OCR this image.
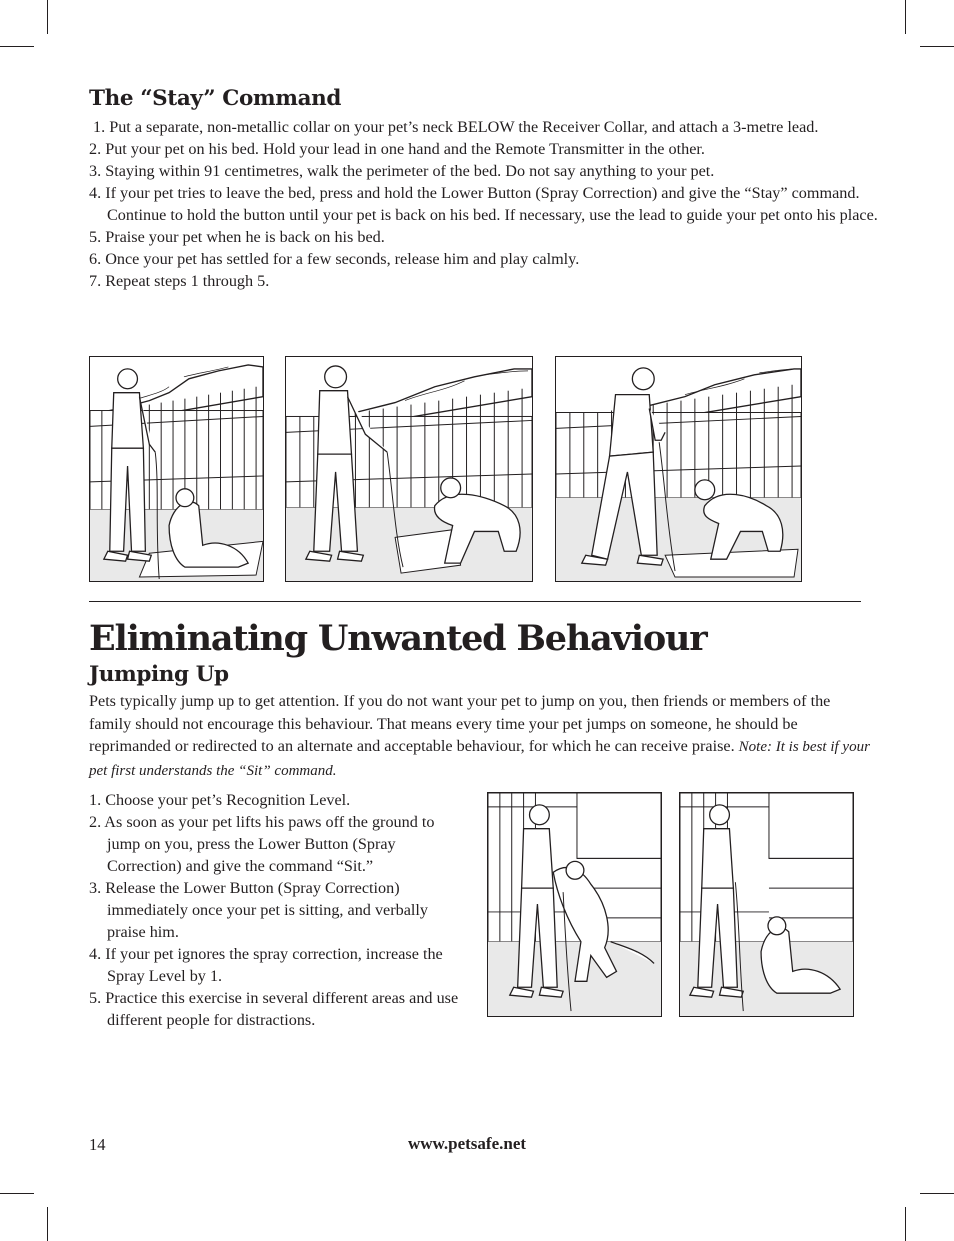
The “Stay” Command
1. Put a separate, non-metallic collar on your pet’s neck BELOW the Receiver Collar, and attach a 3-metre lead.
2. Put your pet on his bed. Hold your lead in one hand and the Remote Transmitter in the other.
3. Staying within 91 centimetres, walk the perimeter of the bed. Do not say anything to your pet.
4. If your pet tries to leave the bed, press and hold the Lower Button (Spray Correction) and give the “Stay” command. Continue to hold the button until your pet is back on his bed. If necessary, use the lead to guide your pet onto his place.
5. Praise your pet when he is back on his bed.
6. Once your pet has settled for a few seconds, release him and play calmly.
7. Repeat steps 1 through 5.
Eliminating Unwanted Behaviour
Jumping Up

Pets typically jump up to get attention. If you do not want your pet to jump on you, then friends or members of the family should not encourage this behaviour. That means every time your pet jumps on someone, he should be reprimanded or redirected to an alternate and acceptable behaviour, for which he can receive praise. Note: It is best if your pet first understands the “Sit” command.

1. Choose your pet’s Recognition Level.
2. As soon as your pet lifts his paws off the ground to jump on you, press the Lower Button (Spray Correction) and give the command “Sit.”
3. Release the Lower Button (Spray Correction) immediately once your pet is sitting, and verbally praise him.
4. If your pet ignores the spray correction, increase the Spray Level by 1.
5. Practice this exercise in several different areas and use different people for distractions.
14	www.petsafe.net
